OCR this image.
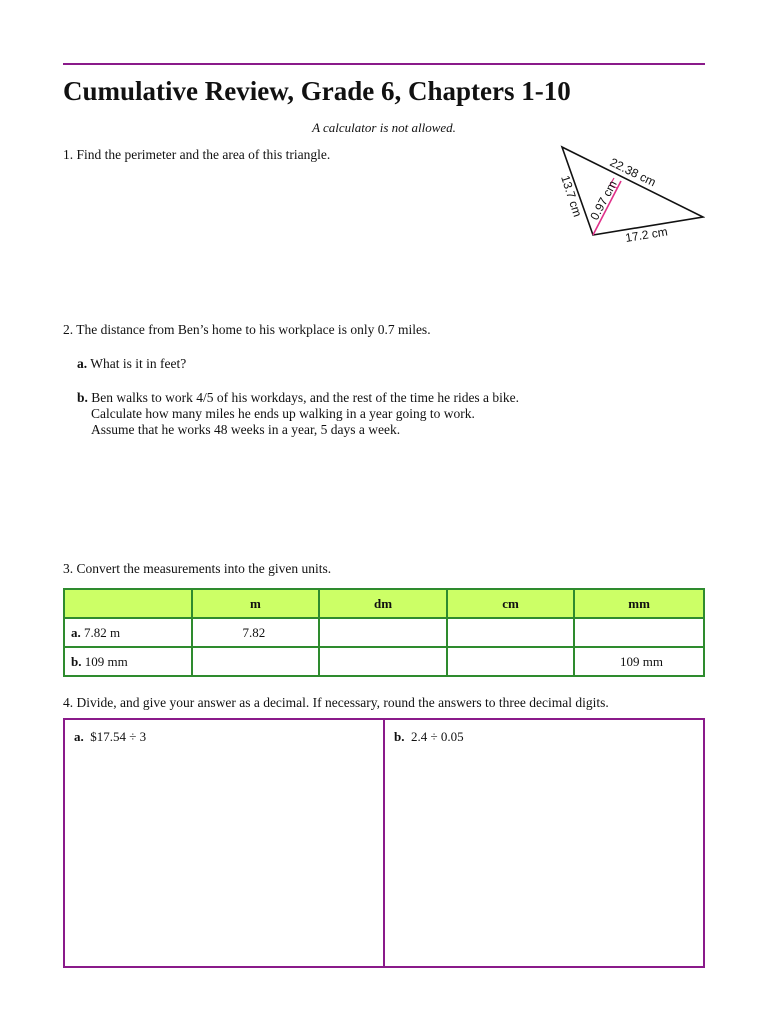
Cumulative Review, Grade 6, Chapters 1-10
A calculator is not allowed.
1. Find the perimeter and the area of this triangle.
22.38 cm
13.7 cm 0.97 cm
17.2 cm
2. The distance from Ben’s home to his workplace is only 0.7 miles.
a. What is it in feet?
b. Ben walks to work 4/5 of his workdays, and the rest of the time he rides a bike.
Calculate how many miles he ends up walking in a year going to work.
Assume that he works 48 weeks in a year, 5 days a week.
3. Convert the measurements into the given units.
	m	dm	cm	mm
a. 7.82 m	7.82			
b. 109 mm				109 mm
4. Divide, and give your answer as a decimal. If necessary, round the answers to three decimal digits.
a. $17.54 ÷ 3	b. 2.4 ÷ 0.05
